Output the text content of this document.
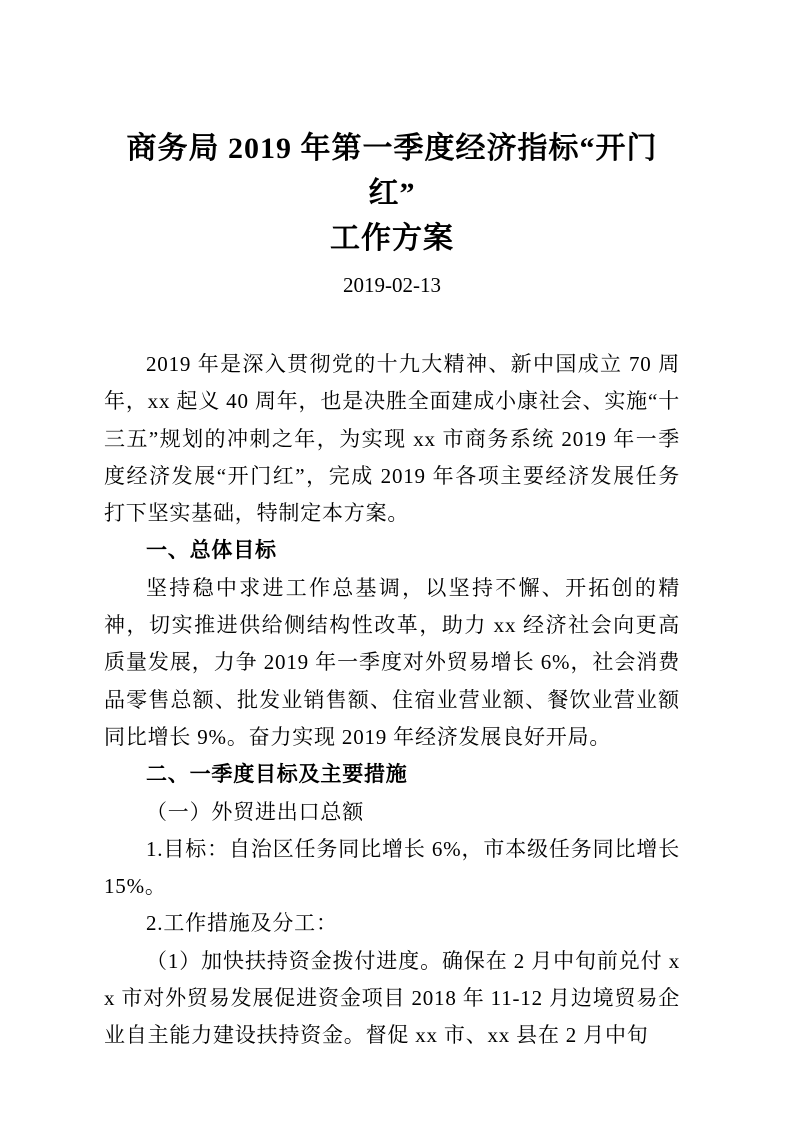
商务局 2019 年第一季度经济指标“开门红”
工作方案
2019-02-13
2019 年是深入贯彻党的十九大精神、新中国成立 70 周年，xx 起义 40 周年，也是决胜全面建成小康社会、实施“十三五”规划的冲刺之年，为实现 xx 市商务系统 2019 年一季度经济发展“开门红”，完成 2019 年各项主要经济发展任务打下坚实基础，特制定本方案。
一、总体目标
坚持稳中求进工作总基调，以坚持不懈、开拓创的精神，切实推进供给侧结构性改革，助力 xx 经济社会向更高质量发展，力争 2019 年一季度对外贸易增长 6%，社会消费品零售总额、批发业销售额、住宿业营业额、餐饮业营业额同比增长 9%。奋力实现 2019 年经济发展良好开局。
二、一季度目标及主要措施
（一）外贸进出口总额
1.目标：自治区任务同比增长 6%，市本级任务同比增长 15%。
2.工作措施及分工：
（1）加快扶持资金拨付进度。确保在 2 月中旬前兑付 xx 市对外贸易发展促进资金项目 2018 年 11-12 月边境贸易企业自主能力建设扶持资金。督促 xx 市、xx 县在 2 月中旬
